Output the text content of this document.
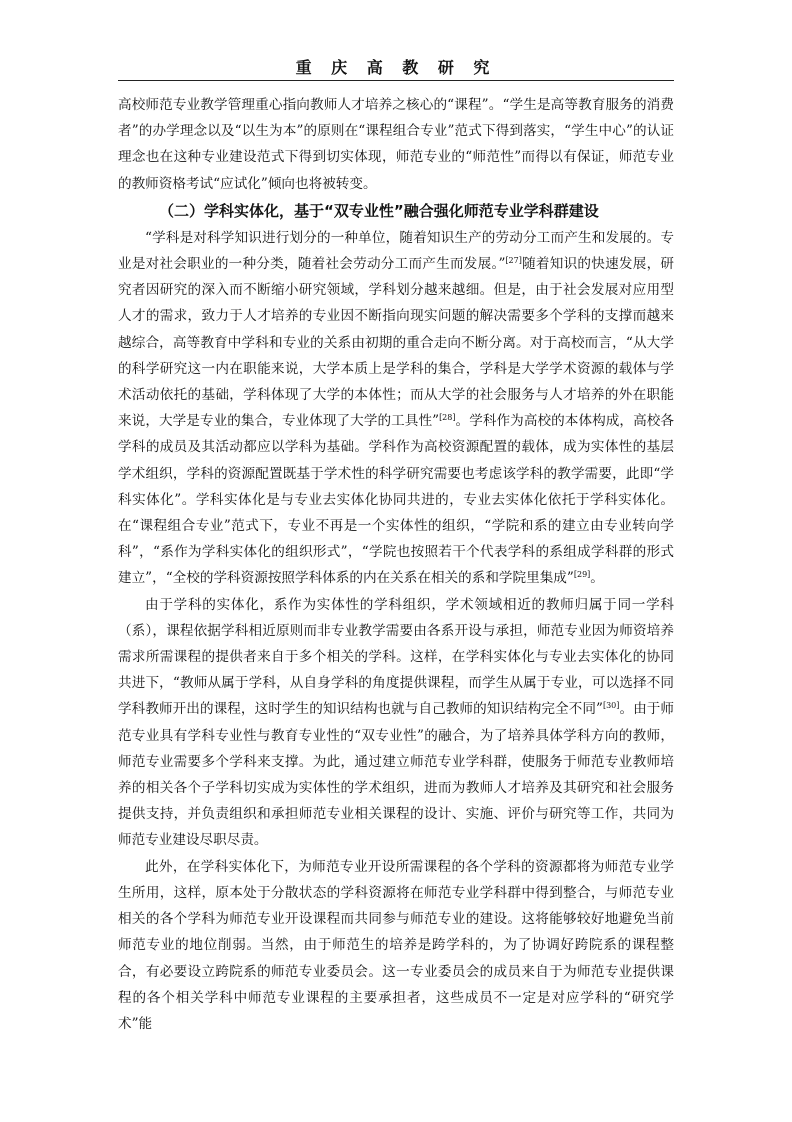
重 庆 高 教 研 究

高校师范专业教学管理重心指向教师人才培养之核心的“课程”。“学生是高等教育服务的消费者”的办学理念以及“以生为本”的原则在“课程组合专业”范式下得到落实，“学生中心”的认证理念也在这种专业建设范式下得到切实体现，师范专业的“师范性”而得以有保证，师范专业的教师资格考试“应试化”倾向也将被转变。

（二）学科实体化，基于“双专业性”融合强化师范专业学科群建设

“学科是对科学知识进行划分的一种单位，随着知识生产的劳动分工而产生和发展的。专业是对社会职业的一种分类，随着社会劳动分工而产生而发展。”[27]随着知识的快速发展，研究者因研究的深入而不断缩小研究领域，学科划分越来越细。但是，由于社会发展对应用型人才的需求，致力于人才培养的专业因不断指向现实问题的解决需要多个学科的支撑而越来越综合，高等教育中学科和专业的关系由初期的重合走向不断分离。对于高校而言，“从大学的科学研究这一内在职能来说，大学本质上是学科的集合，学科是大学学术资源的载体与学术活动依托的基础，学科体现了大学的本体性；而从大学的社会服务与人才培养的外在职能来说，大学是专业的集合，专业体现了大学的工具性”[28]。学科作为高校的本体构成，高校各学科的成员及其活动都应以学科为基础。学科作为高校资源配置的载体，成为实体性的基层学术组织，学科的资源配置既基于学术性的科学研究需要也考虑该学科的教学需要，此即“学科实体化”。学科实体化是与专业去实体化协同共进的，专业去实体化依托于学科实体化。在“课程组合专业”范式下，专业不再是一个实体性的组织，“学院和系的建立由专业转向学科”，“系作为学科实体化的组织形式”，“学院也按照若干个代表学科的系组成学科群的形式建立”，“全校的学科资源按照学科体系的内在关系在相关的系和学院里集成”[29]。

由于学科的实体化，系作为实体性的学科组织，学术领域相近的教师归属于同一学科（系），课程依据学科相近原则而非专业教学需要由各系开设与承担，师范专业因为师资培养需求所需课程的提供者来自于多个相关的学科。这样，在学科实体化与专业去实体化的协同共进下，“教师从属于学科，从自身学科的角度提供课程，而学生从属于专业，可以选择不同学科教师开出的课程，这时学生的知识结构也就与自己教师的知识结构完全不同”[30]。由于师范专业具有学科专业性与教育专业性的“双专业性”的融合，为了培养具体学科方向的教师，师范专业需要多个学科来支撑。为此，通过建立师范专业学科群，使服务于师范专业教师培养的相关各个子学科切实成为实体性的学术组织，进而为教师人才培养及其研究和社会服务提供支持，并负责组织和承担师范专业相关课程的设计、实施、评价与研究等工作，共同为师范专业建设尽职尽责。

此外，在学科实体化下，为师范专业开设所需课程的各个学科的资源都将为师范专业学生所用，这样，原本处于分散状态的学科资源将在师范专业学科群中得到整合，与师范专业相关的各个学科为师范专业开设课程而共同参与师范专业的建设。这将能够较好地避免当前师范专业的地位削弱。当然，由于师范生的培养是跨学科的，为了协调好跨院系的课程整合，有必要设立跨院系的师范专业委员会。这一专业委员会的成员来自于为师范专业提供课程的各个相关学科中师范专业课程的主要承担者，这些成员不一定是对应学科的“研究学术”能
